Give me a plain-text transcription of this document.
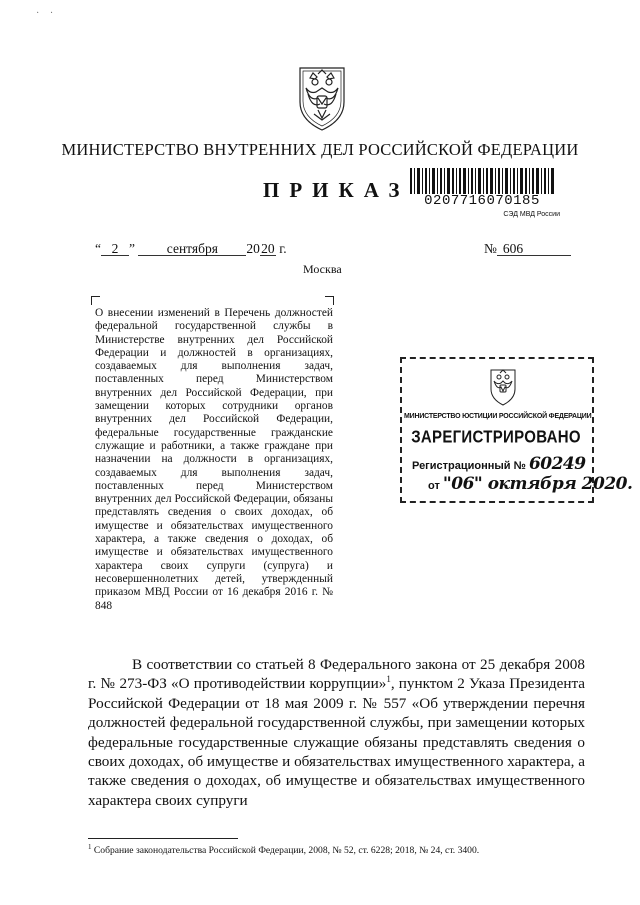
· ·
МИНИСТЕРСТВО ВНУТРЕННИХ ДЕЛ РОССИЙСКОЙ ФЕДЕРАЦИИ
ПРИКАЗ	0207716070185
СЭД МВД России
“ 2 ” сентября 2020 г.	№ 606
Москва
О внесении изменений в Перечень должностей федеральной государственной службы в Министерстве внутренних дел Российской Федерации и должностей в организациях, создаваемых для выполнения задач, поставленных перед Министерством внутренних дел Российской Федерации, при замещении которых сотрудники органов внутренних дел Российской Федерации, федеральные государственные гражданские служащие и работники, а также граждане при назначении на должности в организациях, создаваемых для выполнения задач, поставленных перед Министерством внутренних дел Российской Федерации, обязаны представлять сведения о своих доходах, об имуществе и обязательствах имущественного характера, а также сведения о доходах, об имуществе и обязательствах имущественного характера своих супруги (супруга) и несовершеннолетних детей, утвержденный приказом МВД России от 16 декабря 2016 г. № 848
МИНИСТЕРСТВО ЮСТИЦИИ РОССИЙСКОЙ ФЕДЕРАЦИИ
ЗАРЕГИСТРИРОВАНО
Регистрационный № 60249
от "06" октября 2020.

В соответствии со статьей 8 Федерального закона от 25 декабря 2008 г. № 273-ФЗ «О противодействии коррупции»$^1$, пунктом 2 Указа Президента Российской Федерации от 18 мая 2009 г. № 557 «Об утверждении перечня должностей федеральной государственной службы, при замещении которых федеральные государственные служащие обязаны представлять сведения о своих доходах, об имуществе и обязательствах имущественного характера, а также сведения о доходах, об имуществе и обязательствах имущественного характера своих супруги

$^1$ Собрание законодательства Российской Федерации, 2008, № 52, ст. 6228; 2018, № 24, ст. 3400.
